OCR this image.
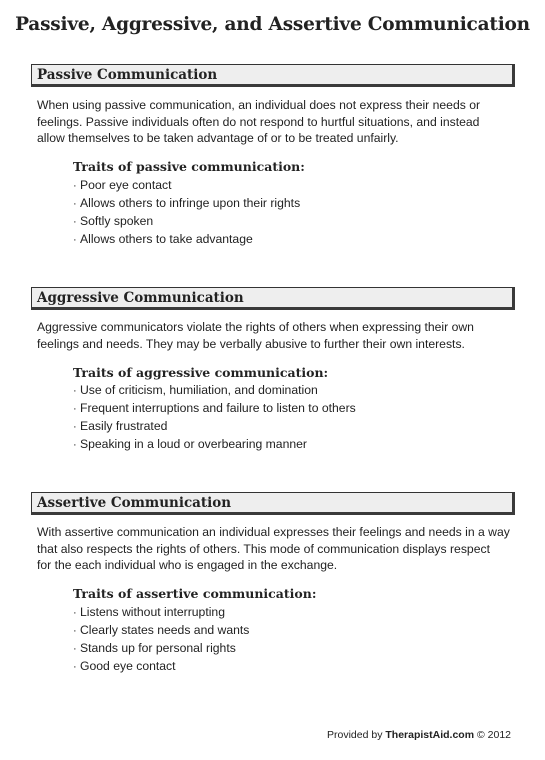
Passive, Aggressive, and Assertive Communication
Passive Communication
When using passive communication, an individual does not express their needs or
feelings. Passive individuals often do not respond to hurtful situations, and instead
allow themselves to be taken advantage of or to be treated unfairly.
Traits of passive communication:
· Poor eye contact
· Allows others to infringe upon their rights
· Softly spoken
· Allows others to take advantage
Aggressive Communication
Aggressive communicators violate the rights of others when expressing their own
feelings and needs. They may be verbally abusive to further their own interests.
Traits of aggressive communication:
· Use of criticism, humiliation, and domination
· Frequent interruptions and failure to listen to others
· Easily frustrated
· Speaking in a loud or overbearing manner
Assertive Communication
With assertive communication an individual expresses their feelings and needs in a way
that also respects the rights of others. This mode of communication displays respect
for the each individual who is engaged in the exchange.
Traits of assertive communication:
· Listens without interrupting
· Clearly states needs and wants
· Stands up for personal rights
· Good eye contact
Provided by TherapistAid.com © 2012
